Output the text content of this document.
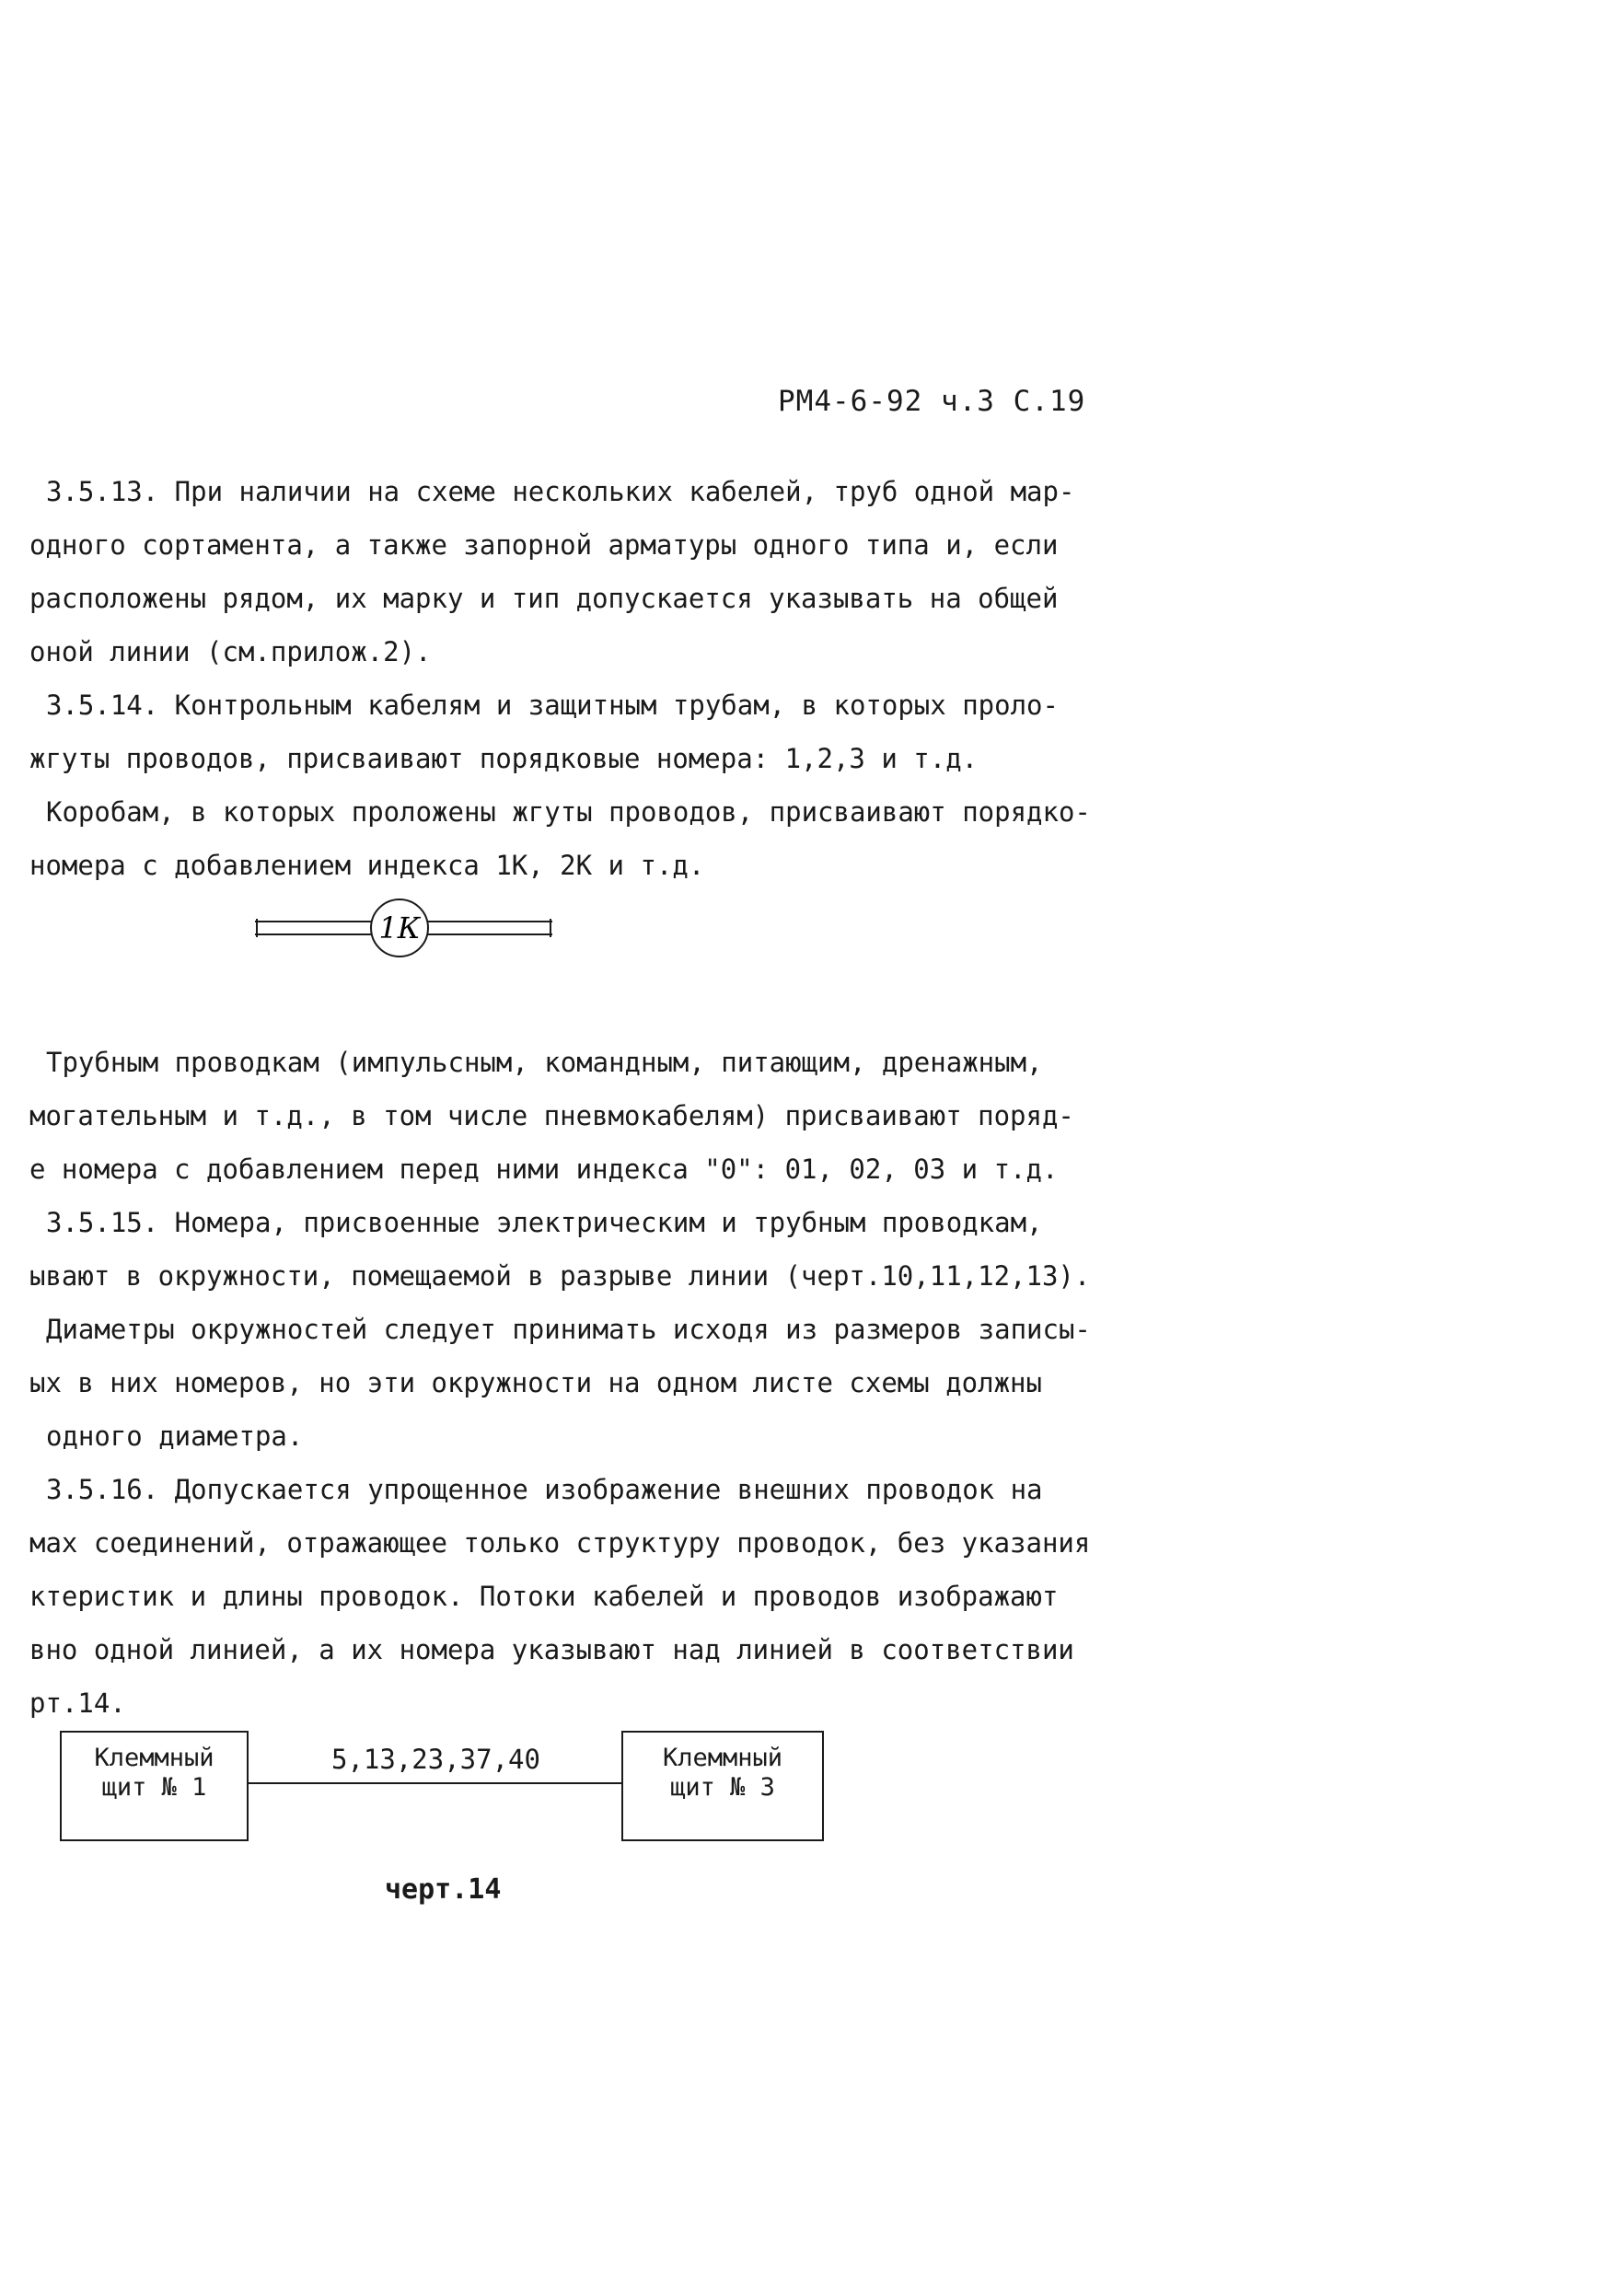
РМ4-6-92 ч.3 С.19
3.5.13. При наличии на схеме нескольких кабелей, труб одной мар-
одного сортамента, а также запорной арматуры одного типа и, если
расположены рядом, их марку и тип допускается указывать на общей
оной линии (см.прилож.2).
3.5.14. Контрольным кабелям и защитным трубам, в которых проло-
жгуты проводов, присваивают порядковые номера: 1,2,3 и т.д.
Коробам, в которых проложены жгуты проводов, присваивают порядко-
номера с добавлением индекса 1К, 2К и т.д.
1К
Трубным проводкам (импульсным, командным, питающим, дренажным,
могательным и т.д., в том числе пневмокабелям) присваивают поряд-
е номера с добавлением перед ними индекса "0": 01, 02, 03 и т.д.
3.5.15. Номера, присвоенные электрическим и трубным проводкам,
ывают в окружности, помещаемой в разрыве линии (черт.10,11,12,13).
Диаметры окружностей следует принимать исходя из размеров записы-
ых в них номеров, но эти окружности на одном листе схемы должны
одного диаметра.
3.5.16. Допускается упрощенное изображение внешних проводок на
мах соединений, отражающее только структуру проводок, без указания
ктеристик и длины проводок. Потоки кабелей и проводов изображают
вно одной линией, а их номера указывают над линией в соответствии
рт.14.
Клеммный
щит № 1
5,13,23,37,40	Клеммный
щит № 3
черт.14
